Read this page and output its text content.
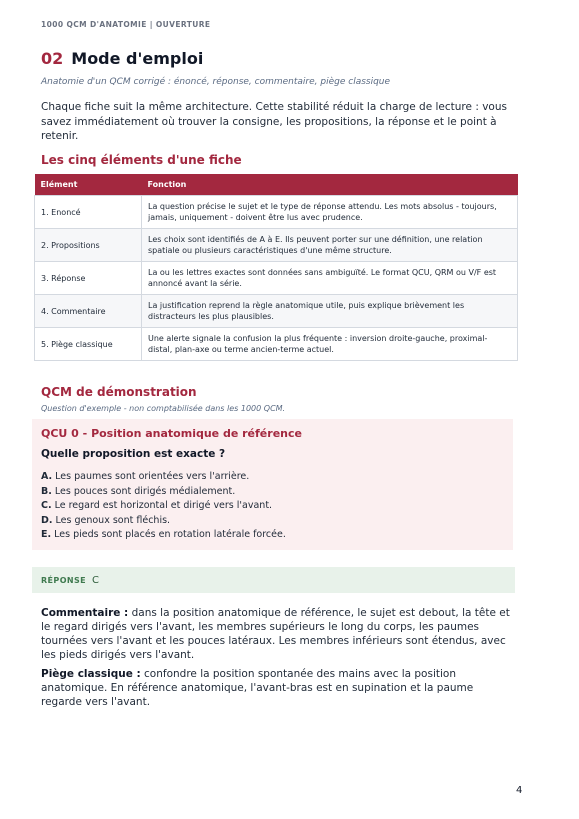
1000 QCM D'ANATOMIE | OUVERTURE
02 Mode d'emploi
Anatomie d'un QCM corrigé : énoncé, réponse, commentaire, piège classique
Chaque fiche suit la même architecture. Cette stabilité réduit la charge de lecture : vous savez immédiatement où trouver la consigne, les propositions, la réponse et le point à retenir.
Les cinq éléments d'une fiche
Elément	Fonction
1. Enoncé	La question précise le sujet et le type de réponse attendu. Les mots absolus - toujours, jamais, uniquement - doivent être lus avec prudence.
2. Propositions	Les choix sont identifiés de A à E. Ils peuvent porter sur une définition, une relation spatiale ou plusieurs caractéristiques d'une même structure.
3. Réponse	La ou les lettres exactes sont données sans ambiguïté. Le format QCU, QRM ou V/F est annoncé avant la série.
4. Commentaire	La justification reprend la règle anatomique utile, puis explique brièvement les distracteurs les plus plausibles.
5. Piège classique	Une alerte signale la confusion la plus fréquente : inversion droite-gauche, proximal-distal, plan-axe ou terme ancien-terme actuel.
QCM de démonstration
Question d'exemple - non comptabilisée dans les 1000 QCM.
QCU 0 - Position anatomique de référence
Quelle proposition est exacte ?
A. Les paumes sont orientées vers l'arrière.
B. Les pouces sont dirigés médialement.
C. Le regard est horizontal et dirigé vers l'avant.
D. Les genoux sont fléchis.
E. Les pieds sont placés en rotation latérale forcée.
RÉPONSE C
Commentaire : dans la position anatomique de référence, le sujet est debout, la tête et le regard dirigés vers l'avant, les membres supérieurs le long du corps, les paumes tournées vers l'avant et les pouces latéraux. Les membres inférieurs sont étendus, avec les pieds dirigés vers l'avant.
Piège classique : confondre la position spontanée des mains avec la position anatomique. En référence anatomique, l'avant-bras est en supination et la paume regarde vers l'avant.
4
